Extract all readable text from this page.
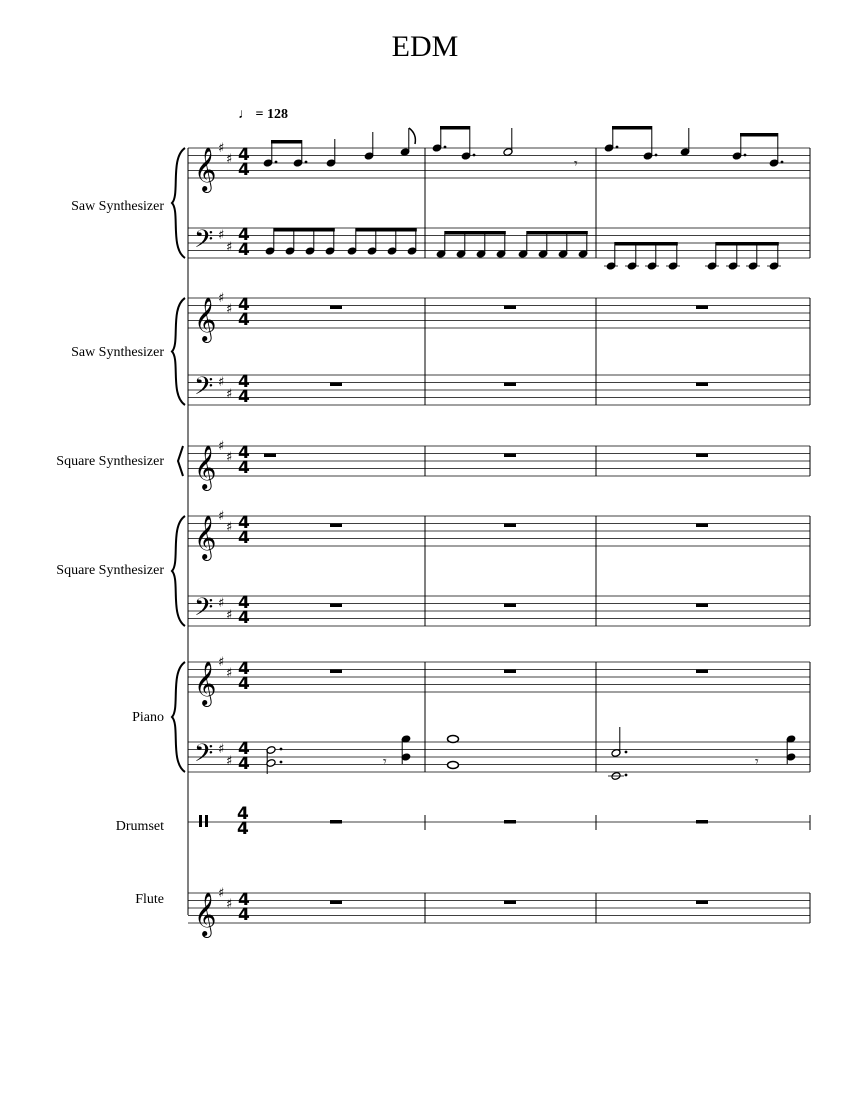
EDM
♩ = 128
Saw Synthesizer
Saw Synthesizer
Square Synthesizer
Square Synthesizer
Piano
Drumset
Flute
𝄞 ♯
♯ 4
4
𝄢 ♯
♯
4
4
𝄞 ♯
♯ 4
4
𝄢 ♯
♯
4
4
𝄞 ♯
♯ 4
4
𝄞 ♯
♯ 4
4
𝄢 ♯
♯
4
4
𝄞 ♯
♯ 4
4
𝄢 ♯
♯
4
4
4
4
𝄞 ♯
♯ 4
4
♪
𝄾
𝄾	𝄾
